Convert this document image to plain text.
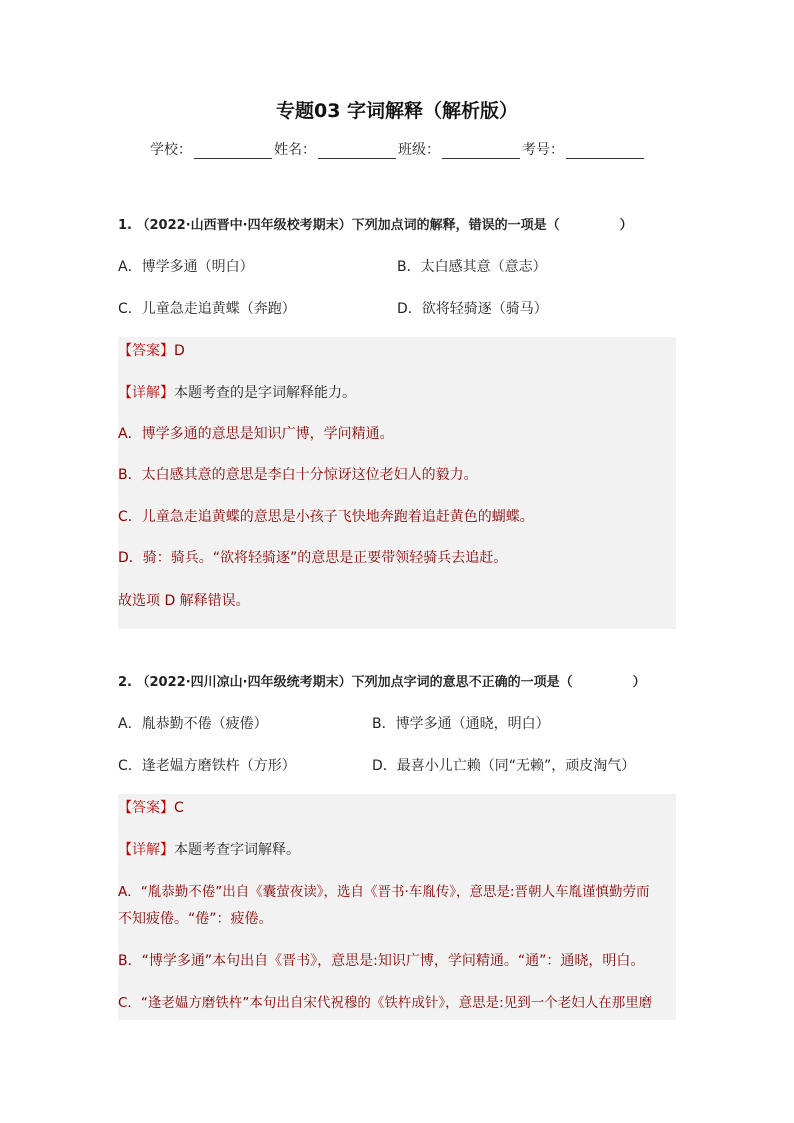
专题03 字词解释（解析版）
学校：	姓名：	班级：	考号：
1. （2022·山西晋中·四年级校考期末）下列加点词的解释，错误的一项是（	）
A．博学多通（明白）	B．太白感其意（意志）
C．儿童急走追黄蝶（奔跑）	D．欲将轻骑逐（骑马）
【答案】D
【详解】本题考查的是字词解释能力。
A．博学多通的意思是知识广博，学问精通。
B．太白感其意的意思是李白十分惊讶这位老妇人的毅力。
C．儿童急走追黄蝶的意思是小孩子飞快地奔跑着追赶黄色的蝴蝶。
D．骑：骑兵。“欲将轻骑逐”的意思是正要带领轻骑兵去追赶。
故选项 D 解释错误。
2. （2022·四川凉山·四年级统考期末）下列加点字词的意思不正确的一项是（	）
A．胤恭勤不倦（疲倦）	B．博学多通（通晓，明白）
C．逢老媪方磨铁杵（方形）	D．最喜小儿亡赖（同“无赖”，顽皮淘气）
【答案】C
【详解】本题考查字词解释。
A．“胤恭勤不倦”出自《囊萤夜读》，选自《晋书·车胤传》，意思是:晋朝人车胤谨慎勤劳而
不知疲倦。“倦”：疲倦。
B．“博学多通”本句出自《晋书》，意思是:知识广博，学问精通。“通”：通晓，明白。
C．“逢老媪方磨铁杵”本句出自宋代祝穆的《铁杵成针》，意思是:见到一个老妇人在那里磨
